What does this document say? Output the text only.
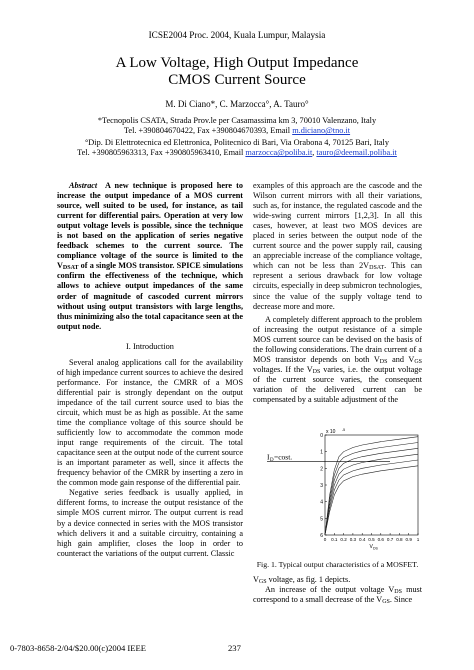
ICSE2004 Proc. 2004, Kuala Lumpur, Malaysia
A Low Voltage, High Output Impedance
CMOS Current Source
M. Di Ciano*, C. Marzocca°, A. Tauro°
*Tecnopolis CSATA, Strada Prov.le per Casamassima km 3, 70010 Valenzano, Italy
Tel. +390804670422, Fax +390804670393, Email m.diciano@tno.it
°Dip. Di Elettrotecnica ed Elettronica, Politecnico di Bari, Via Orabona 4, 70125 Bari, Italy
Tel. +390805963313, Fax +390805963410, Email marzocca@poliba.it, tauro@deemail.poliba.it

Abstract A new technique is proposed here to increase the output impedance of a MOS current source, well suited to be used, for instance, as tail current for differential pairs. Operation at very low output voltage levels is possible, since the technique is not based on the application of series negative feedback schemes to the current source. The compliance voltage of the source is limited to the $V_{DSAT}$ of a single MOS transistor. SPICE simulations confirm the effectiveness of the technique, which allows to achieve output impedances of the same order of magnitude of cascoded current mirrors without using output transistors with large lengths, thus minimizing also the total capacitance seen at the output node.

I. Introduction

Several analog applications call for the availability of high impedance current sources to achieve the desired performance. For instance, the CMRR of a MOS differential pair is strongly dependant on the output impedance of the tail current source used to bias the circuit, which must be as high as possible. At the same time the compliance voltage of this source should be sufficiently low to accommodate the common mode input range requirements of the circuit. The total capacitance seen at the output node of the current source is an important parameter as well, since it affects the frequency behavior of the CMRR by inserting a zero in the common mode gain response of the differential pair.

Negative series feedback is usually applied, in different forms, to increase the output resistance of the simple MOS current mirror. The output current is read by a device connected in series with the MOS transistor which delivers it and a suitable circuitry, containing a high gain amplifier, closes the loop in order to counteract the variations of the output current. Classic

examples of this approach are the cascode and the Wilson current mirrors with all their variations, such as, for instance, the regulated cascode and the wide-swing current mirrors [1,2,3]. In all this cases, however, at least two MOS devices are placed in series between the output node of the current source and the power supply rail, causing an appreciable increase of the compliance voltage, which can not be less than $2V_{DSAT}$. This can represent a serious drawback for low voltage circuits, especially in deep submicron technologies, since the value of the supply voltage tend to decrease more and more.

A completely different approach to the problem of increasing the output resistance of a simple MOS current source can be devised on the basis of the following considerations. The drain current of a MOS transistor depends on both $V_{DS}$ and $V_{GS}$ voltages. If the $V_{DS}$ varies, i.e. the output voltage of the current source varies, the consequent variation of the delivered current can be compensated by a suitable adjustment of the

6
5
4
3
2
1
0
0 0.1 0.2 0.3 0.4 0.5 0.6 0.7 0.8 0.9 1
x 10 -5
V DS
I D =cost.
Fig. 1. Typical output characteristics of a MOSFET.

$V_{GS}$ voltage, as fig. 1 depicts.

An increase of the output voltage $V_{DS}$ must correspond to a small decrease of the $V_{GS}$. Since

0-7803-8658-2/04/$20.00(c)2004 IEEE	237
